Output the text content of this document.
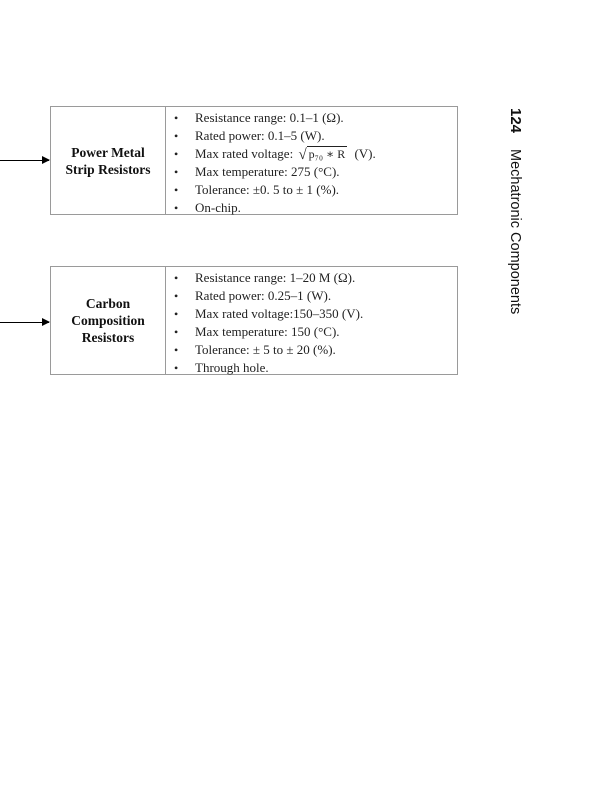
Power Metal Strip Resistors
• Resistance range: 0.1–1 (Ω).
• Rated power: 0.1–5 (W).
• Max rated voltage: √ p₇₀ ∗ R (V).
• Max temperature: 275 (°C).
• Tolerance: ±0. 5 to ± 1 (%).
• On-chip.
Carbon Composition Resistors
• Resistance range: 1–20 M (Ω).
• Rated power: 0.25–1 (W).
• Max rated voltage:150–350 (V).
• Max temperature: 150 (°C).
• Tolerance: ± 5 to ± 20 (%).
• Through hole.
124Mechatronic Components
